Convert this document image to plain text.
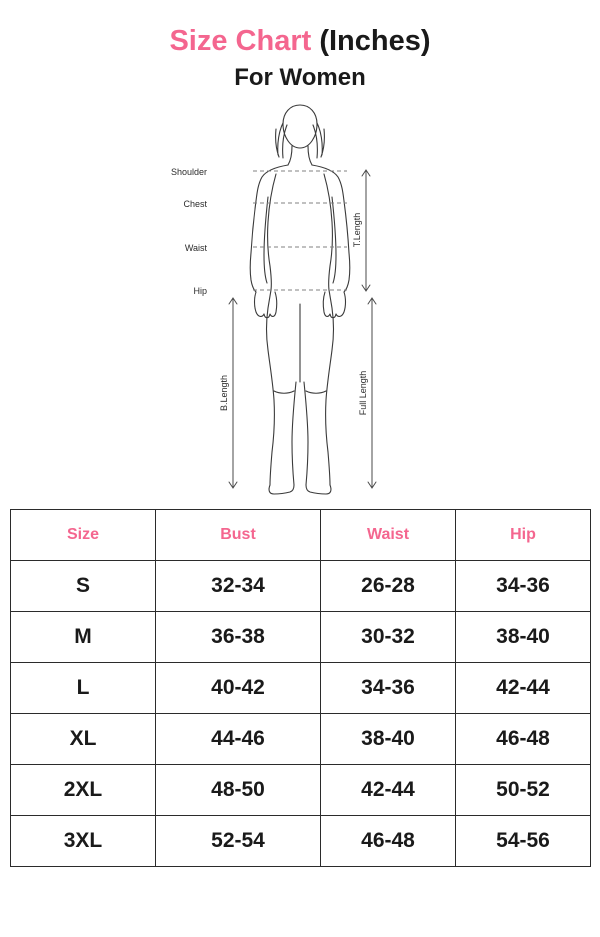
Size Chart (Inches)
For Women
Shoulder
Chest
Waist
Hip
T.Length
B.Length	Full Length
Size	Bust	Waist	Hip
S	32-34	26-28	34-36
M	36-38	30-32	38-40
L	40-42	34-36	42-44
XL	44-46	38-40	46-48
2XL	48-50	42-44	50-52
3XL	52-54	46-48	54-56
